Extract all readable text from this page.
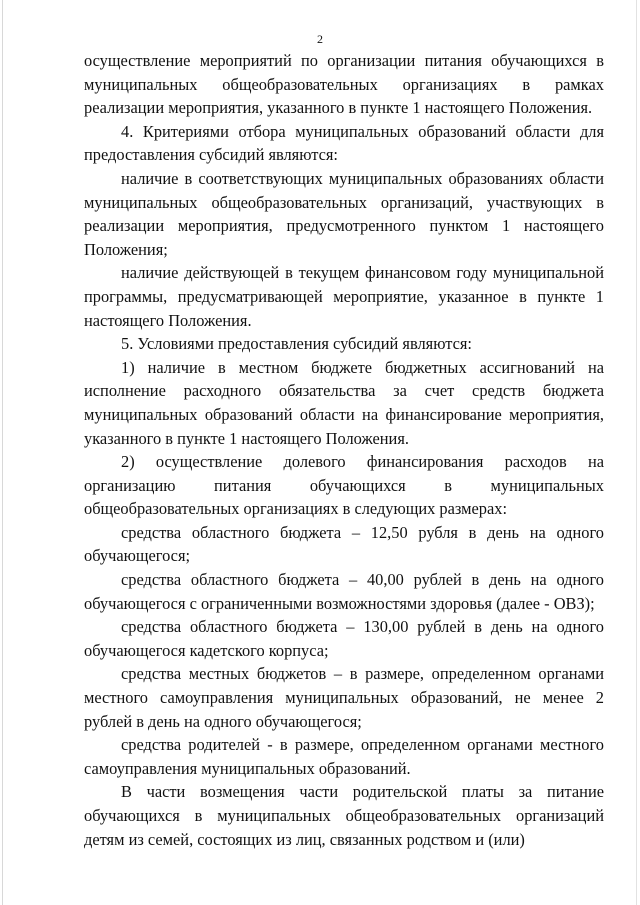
2

осуществление мероприятий по организации питания обучающихся в муниципальных общеобразовательных организациях в рамках реализации мероприятия, указанного в пункте 1 настоящего Положения.

4. Критериями отбора муниципальных образований области для предоставления субсидий являются:

наличие в соответствующих муниципальных образованиях области муниципальных общеобразовательных организаций, участвующих в реализации мероприятия, предусмотренного пунктом 1 настоящего Положения;

наличие действующей в текущем финансовом году муниципальной программы, предусматривающей мероприятие, указанное в пункте 1 настоящего Положения.

5. Условиями предоставления субсидий являются:

1) наличие в местном бюджете бюджетных ассигнований на исполнение расходного обязательства за счет средств бюджета муниципальных образований области на финансирование мероприятия, указанного в пункте 1 настоящего Положения.

2) осуществление долевого финансирования расходов на организацию питания обучающихся в муниципальных общеобразовательных организациях в следующих размерах:

средства областного бюджета – 12,50 рубля в день на одного обучающегося;

средства областного бюджета – 40,00 рублей в день на одного обучающегося с ограниченными возможностями здоровья (далее - ОВЗ);

средства областного бюджета – 130,00 рублей в день на одного обучающегося кадетского корпуса;

средства местных бюджетов – в размере, определенном органами местного самоуправления муниципальных образований, не менее 2 рублей в день на одного обучающегося;

средства родителей - в размере, определенном органами местного самоуправления муниципальных образований.

В части возмещения части родительской платы за питание обучающихся в муниципальных общеобразовательных организаций детям из семей, состоящих из лиц, связанных родством и (или)
